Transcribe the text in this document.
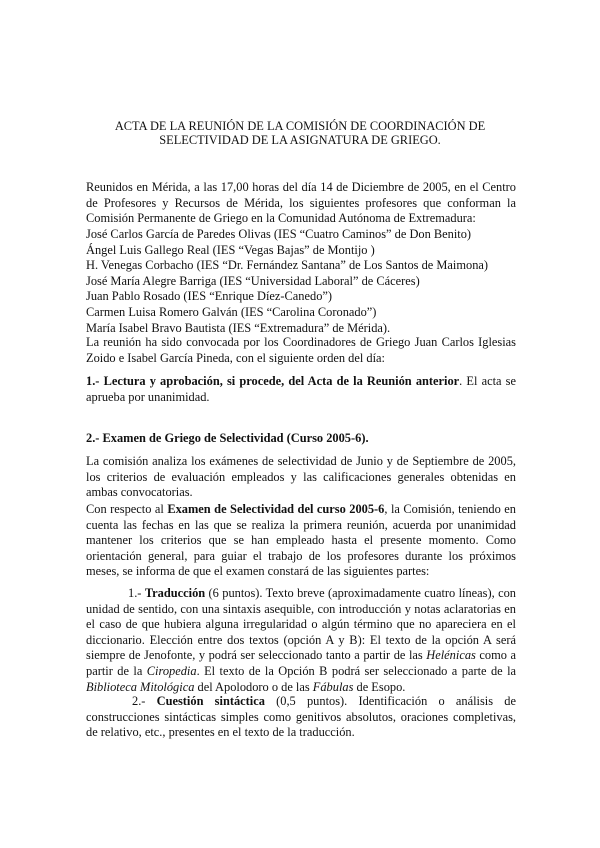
ACTA DE LA REUNIÓN DE LA COMISIÓN DE COORDINACIÓN DE
SELECTIVIDAD DE LA ASIGNATURA DE GRIEGO.

Reunidos en Mérida, a las 17,00 horas del día 14 de Diciembre de 2005, en el Centro de Profesores y Recursos de Mérida, los siguientes profesores que conforman la Comisión Permanente de Griego en la Comunidad Autónoma de Extremadura:

José Carlos García de Paredes Olivas (IES “Cuatro Caminos” de Don Benito)
Ángel Luis Gallego Real (IES “Vegas Bajas” de Montijo )
H. Venegas Corbacho (IES “Dr. Fernández Santana” de Los Santos de Maimona)
José María Alegre Barriga (IES “Universidad Laboral” de Cáceres)
Juan Pablo Rosado (IES “Enrique Díez-Canedo”)
Carmen Luisa Romero Galván (IES “Carolina Coronado”)
María Isabel Bravo Bautista (IES “Extremadura” de Mérida).

La reunión ha sido convocada por los Coordinadores de Griego Juan Carlos Iglesias Zoido e Isabel García Pineda, con el siguiente orden del día:

1.- Lectura y aprobación, si procede, del Acta de la Reunión anterior. El acta se aprueba por unanimidad.

2.- Examen de Griego de Selectividad (Curso 2005-6).

La comisión analiza los exámenes de selectividad de Junio y de Septiembre de 2005, los criterios de evaluación empleados y las calificaciones generales obtenidas en ambas convocatorias.

Con respecto al Examen de Selectividad del curso 2005-6, la Comisión, teniendo en cuenta las fechas en las que se realiza la primera reunión, acuerda por unanimidad mantener los criterios que se han empleado hasta el presente momento. Como orientación general, para guiar el trabajo de los profesores durante los próximos meses, se informa de que el examen constará de las siguientes partes:

1.- Traducción (6 puntos). Texto breve (aproximadamente cuatro líneas), con unidad de sentido, con una sintaxis asequible, con introducción y notas aclaratorias en el caso de que hubiera alguna irregularidad o algún término que no apareciera en el diccionario. Elección entre dos textos (opción A y B): El texto de la opción A será siempre de Jenofonte, y podrá ser seleccionado tanto a partir de las Helénicas como a partir de la Ciropedia. El texto de la Opción B podrá ser seleccionado a parte de la Biblioteca Mitológica del Apolodoro o de las Fábulas de Esopo.

2.- Cuestión sintáctica (0,5 puntos). Identificación o análisis de construcciones sintácticas simples como genitivos absolutos, oraciones completivas, de relativo, etc., presentes en el texto de la traducción.
